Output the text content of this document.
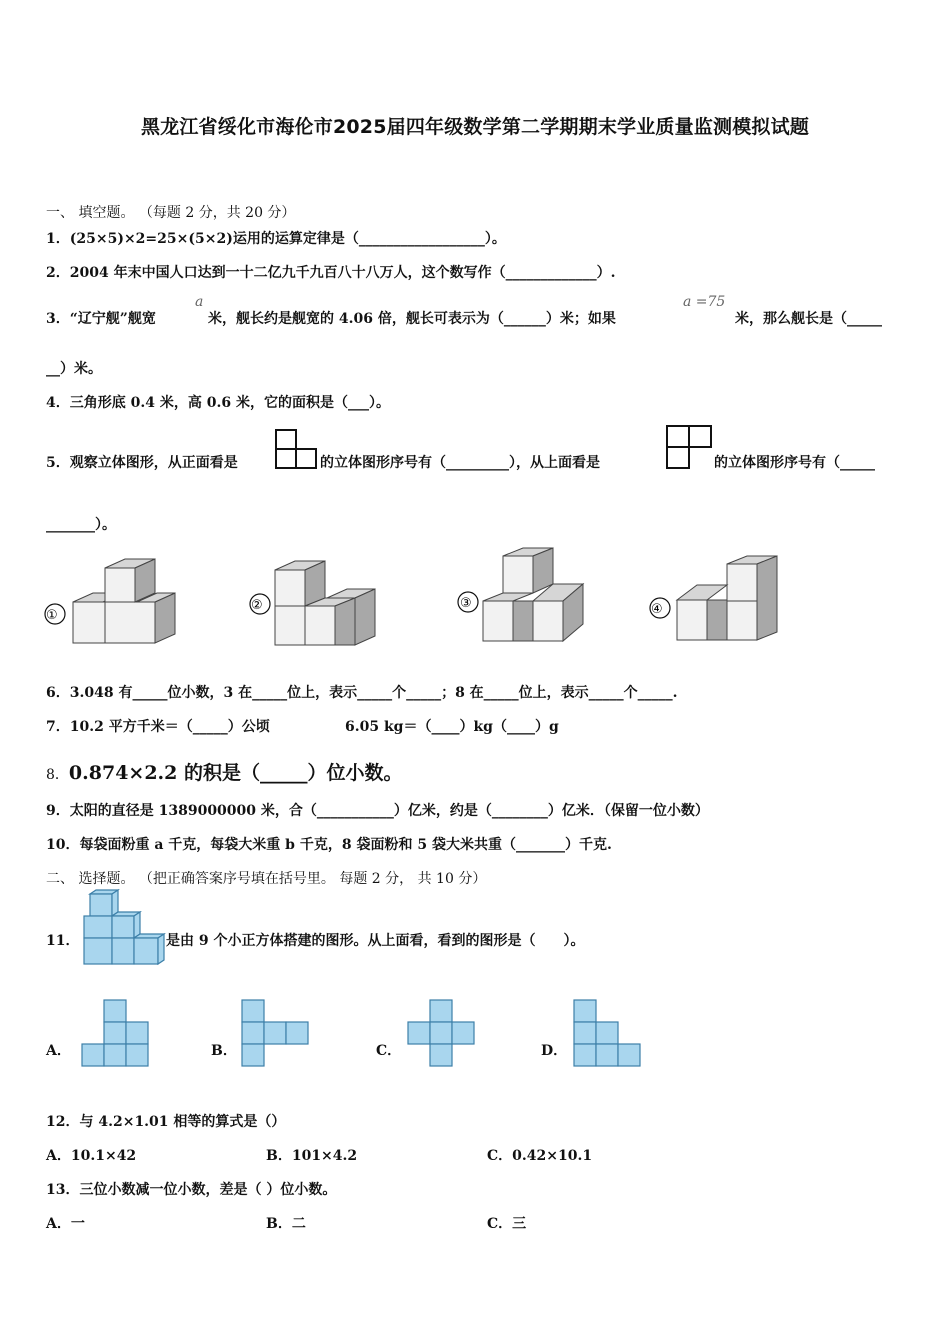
黑龙江省绥化市海伦市2025届四年级数学第二学期期末学业质量监测模拟试题
一、 填空题。 （每题 2 分，共 20 分）
1．(25×5)×2=25×(5×2)运用的运算定律是（__________________）。
2．2004 年末中国人口达到一十二亿九千九百八十八万人，这个数写作（_____________）.
3．“辽宁舰”舰宽
a
米，舰长约是舰宽的 4.06 倍，舰长可表示为（______）米；如果
a =75
米，那么舰长是（_____
__）米。
4．三角形底 0.4 米，高 0.6 米，它的面积是（___）。
5．观察立体图形，从正面看是	的立体图形序号有（_________），从上面看是	的立体图形序号有（_____
_______）。
①
②	③	④
6．3.048 有_____位小数，3 在_____位上，表示_____个_____；8 在_____位上，表示_____个_____.
7．10.2 平方千米＝（_____）公顷	6.05 kg＝（____）kg（____）g
8．0.874×2.2 的积是（_____）位小数。
9．太阳的直径是 1389000000 米，合（___________）亿米，约是（________）亿米．（保留一位小数）
10．每袋面粉重 a 千克，每袋大米重 b 千克，8 袋面粉和 5 袋大米共重（_______）千克.
二、 选择题。 （把正确答案序号填在括号里。 每题 2 分， 共 10 分）
11．	是由 9 个小正方体搭建的图形。从上面看，看到的图形是（　　）。
A．	B．	C．	D．
12．与 4.2×1.01 相等的算式是（）
A．10.1×42	B．101×4.2	C．0.42×10.1
13．三位小数减一位小数，差是（ ）位小数。
A．一	B．二	C．三
